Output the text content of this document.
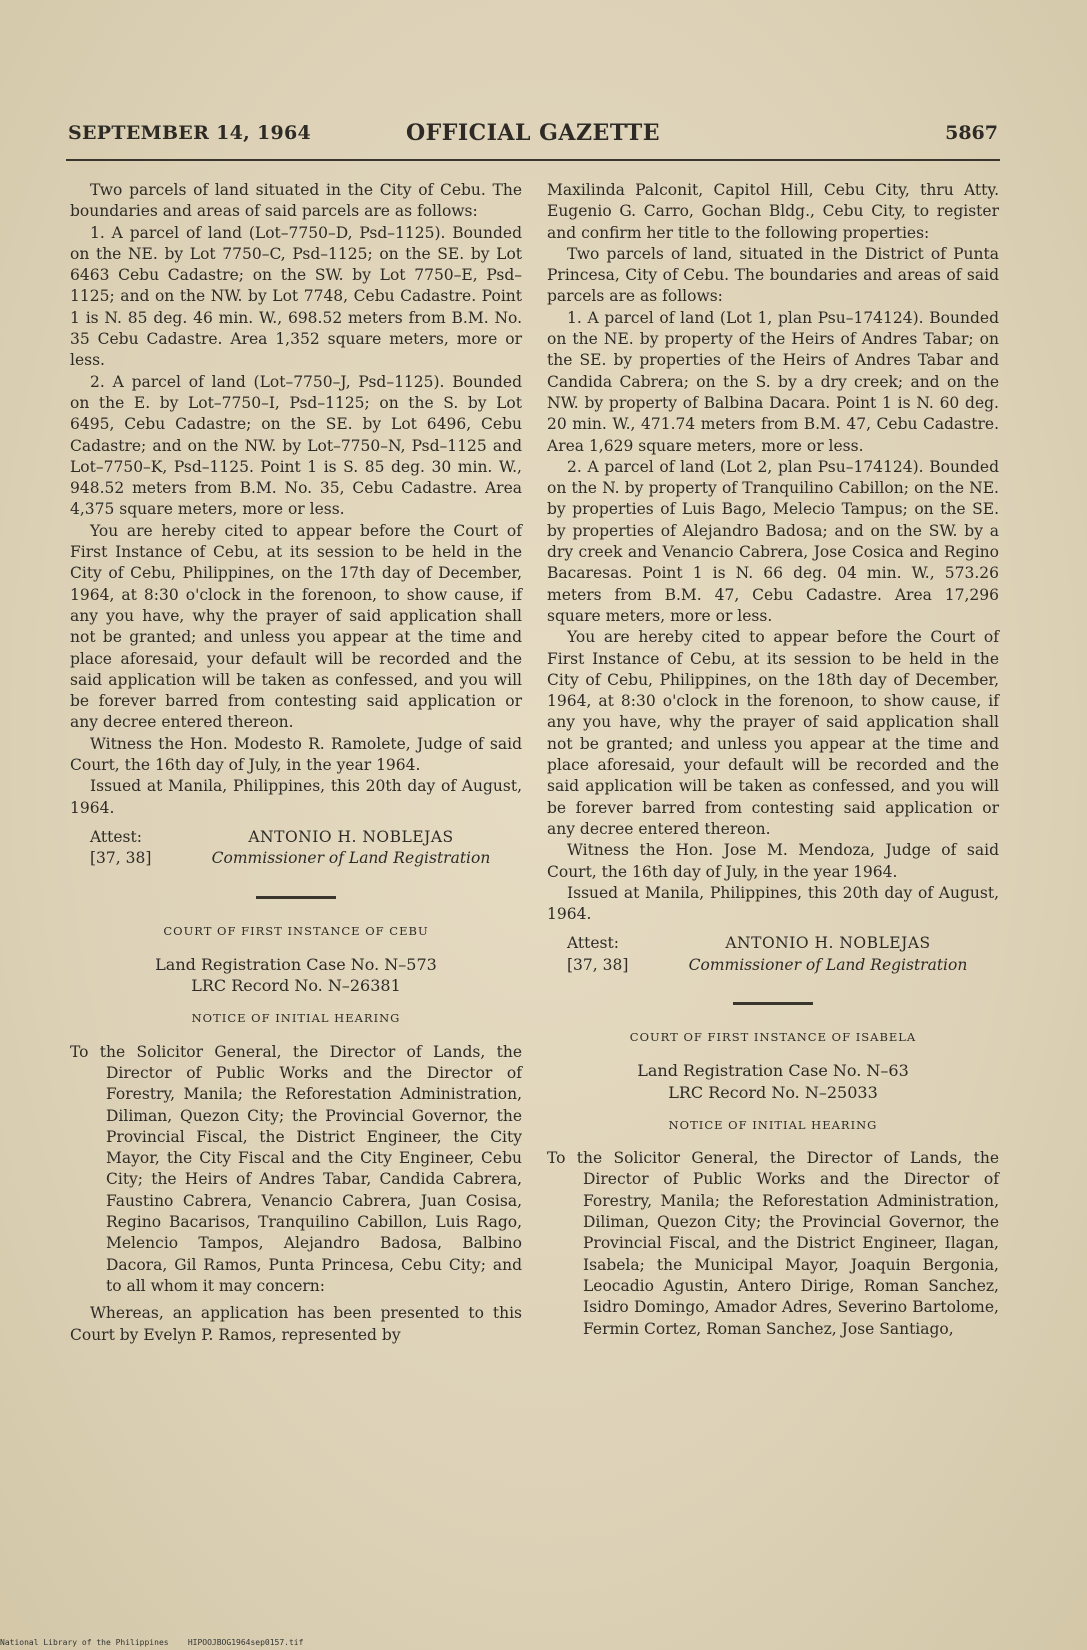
SEPTEMBER 14, 1964	OFFICIAL GAZETTE	5867

Two parcels of land situated in the City of Cebu. The boundaries and areas of said parcels are as follows:

1. A parcel of land (Lot–7750–D, Psd–1125). Bounded on the NE. by Lot 7750–C, Psd–1125; on the SE. by Lot 6463 Cebu Cadastre; on the SW. by Lot 7750–E, Psd–1125; and on the NW. by Lot 7748, Cebu Cadastre. Point 1 is N. 85 deg. 46 min. W., 698.52 meters from B.M. No. 35 Cebu Cadastre. Area 1,352 square meters, more or less.

2. A parcel of land (Lot–7750–J, Psd–1125). Bounded on the E. by Lot–7750–I, Psd–1125; on the S. by Lot 6495, Cebu Cadastre; on the SE. by Lot 6496, Cebu Cadastre; and on the NW. by Lot–7750–N, Psd–1125 and Lot–7750–K, Psd–1125. Point 1 is S. 85 deg. 30 min. W., 948.52 meters from B.M. No. 35, Cebu Cadastre. Area 4,375 square meters, more or less.

You are hereby cited to appear before the Court of First Instance of Cebu, at its session to be held in the City of Cebu, Philippines, on the 17th day of December, 1964, at 8:30 o'clock in the forenoon, to show cause, if any you have, why the prayer of said application shall not be granted; and unless you appear at the time and place aforesaid, your default will be recorded and the said application will be taken as confessed, and you will be forever barred from contesting said application or any decree entered thereon.

Witness the Hon. Modesto R. Ramolete, Judge of said Court, the 16th day of July, in the year 1964.

Issued at Manila, Philippines, this 20th day of August, 1964.

Attest:	ANTONIO H. NOBLEJAS
[37, 38]	Commissioner of Land Registration
COURT OF FIRST INSTANCE OF CEBU
Land Registration Case No. N–573
LRC Record No. N–26381
NOTICE OF INITIAL HEARING

To the Solicitor General, the Director of Lands, the Director of Public Works and the Director of Forestry, Manila; the Reforestation Administration, Diliman, Quezon City; the Provincial Governor, the Provincial Fiscal, the District Engineer, the City Mayor, the City Fiscal and the City Engineer, Cebu City; the Heirs of Andres Tabar, Candida Cabrera, Faustino Cabrera, Venancio Cabrera, Juan Cosisa, Regino Bacarisos, Tranquilino Cabillon, Luis Rago, Melencio Tampos, Alejandro Badosa, Balbino Dacora, Gil Ramos, Punta Princesa, Cebu City; and to all whom it may concern:

Whereas, an application has been presented to this Court by Evelyn P. Ramos, represented by

Maxilinda Palconit, Capitol Hill, Cebu City, thru Atty. Eugenio G. Carro, Gochan Bldg., Cebu City, to register and confirm her title to the following properties:

Two parcels of land, situated in the District of Punta Princesa, City of Cebu. The boundaries and areas of said parcels are as follows:

1. A parcel of land (Lot 1, plan Psu–174124). Bounded on the NE. by property of the Heirs of Andres Tabar; on the SE. by properties of the Heirs of Andres Tabar and Candida Cabrera; on the S. by a dry creek; and on the NW. by property of Balbina Dacara. Point 1 is N. 60 deg. 20 min. W., 471.74 meters from B.M. 47, Cebu Cadastre. Area 1,629 square meters, more or less.

2. A parcel of land (Lot 2, plan Psu–174124). Bounded on the N. by property of Tranquilino Cabillon; on the NE. by properties of Luis Bago, Melecio Tampus; on the SE. by properties of Alejandro Badosa; and on the SW. by a dry creek and Venancio Cabrera, Jose Cosica and Regino Bacaresas. Point 1 is N. 66 deg. 04 min. W., 573.26 meters from B.M. 47, Cebu Cadastre. Area 17,296 square meters, more or less.

You are hereby cited to appear before the Court of First Instance of Cebu, at its session to be held in the City of Cebu, Philippines, on the 18th day of December, 1964, at 8:30 o'clock in the forenoon, to show cause, if any you have, why the prayer of said application shall not be granted; and unless you appear at the time and place aforesaid, your default will be recorded and the said application will be taken as confessed, and you will be forever barred from contesting said application or any decree entered thereon.

Witness the Hon. Jose M. Mendoza, Judge of said Court, the 16th day of July, in the year 1964.

Issued at Manila, Philippines, this 20th day of August, 1964.

Attest:	ANTONIO H. NOBLEJAS
[37, 38]	Commissioner of Land Registration
COURT OF FIRST INSTANCE OF ISABELA
Land Registration Case No. N–63
LRC Record No. N–25033
NOTICE OF INITIAL HEARING

To the Solicitor General, the Director of Lands, the Director of Public Works and the Director of Forestry, Manila; the Reforestation Administration, Diliman, Quezon City; the Provincial Governor, the Provincial Fiscal, and the District Engineer, Ilagan, Isabela; the Municipal Mayor, Joaquin Bergonia, Leocadio Agustin, Antero Dirige, Roman Sanchez, Isidro Domingo, Amador Adres, Severino Bartolome, Fermin Cortez, Roman Sanchez, Jose Santiago,

National Library of the Philippines    HIPOOJBOG1964sep0157.tif
